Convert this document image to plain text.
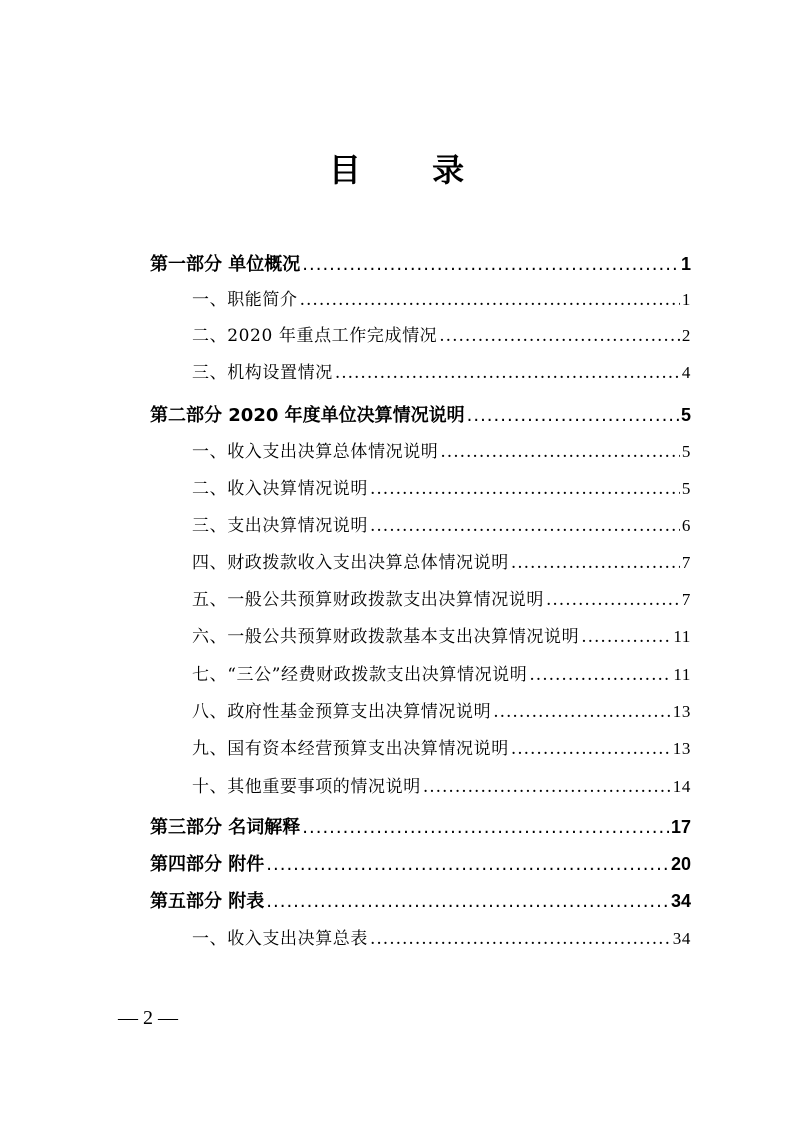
目 录
第一部分 单位概况 .....	1
一、职能简介 .....	1
二、2020 年重点工作完成情况 .....	2
三、机构设置情况 .....	4
第二部分 2020 年度单位决算情况说明 .....	5
一、收入支出决算总体情况说明 .....	5
二、收入决算情况说明 .....	5
三、支出决算情况说明 .....	6
四、财政拨款收入支出决算总体情况说明 .....	7
五、一般公共预算财政拨款支出决算情况说明 .....	7
六、一般公共预算财政拨款基本支出决算情况说明 .....	11
七、“三公”经费财政拨款支出决算情况说明 .....	11
八、政府性基金预算支出决算情况说明 .....	13
九、国有资本经营预算支出决算情况说明 .....	13
十、其他重要事项的情况说明 .....	14
第三部分 名词解释 .....	17
第四部分 附件 .....	20
第五部分 附表 .....	34
一、收入支出决算总表 .....	34
— 2 —
